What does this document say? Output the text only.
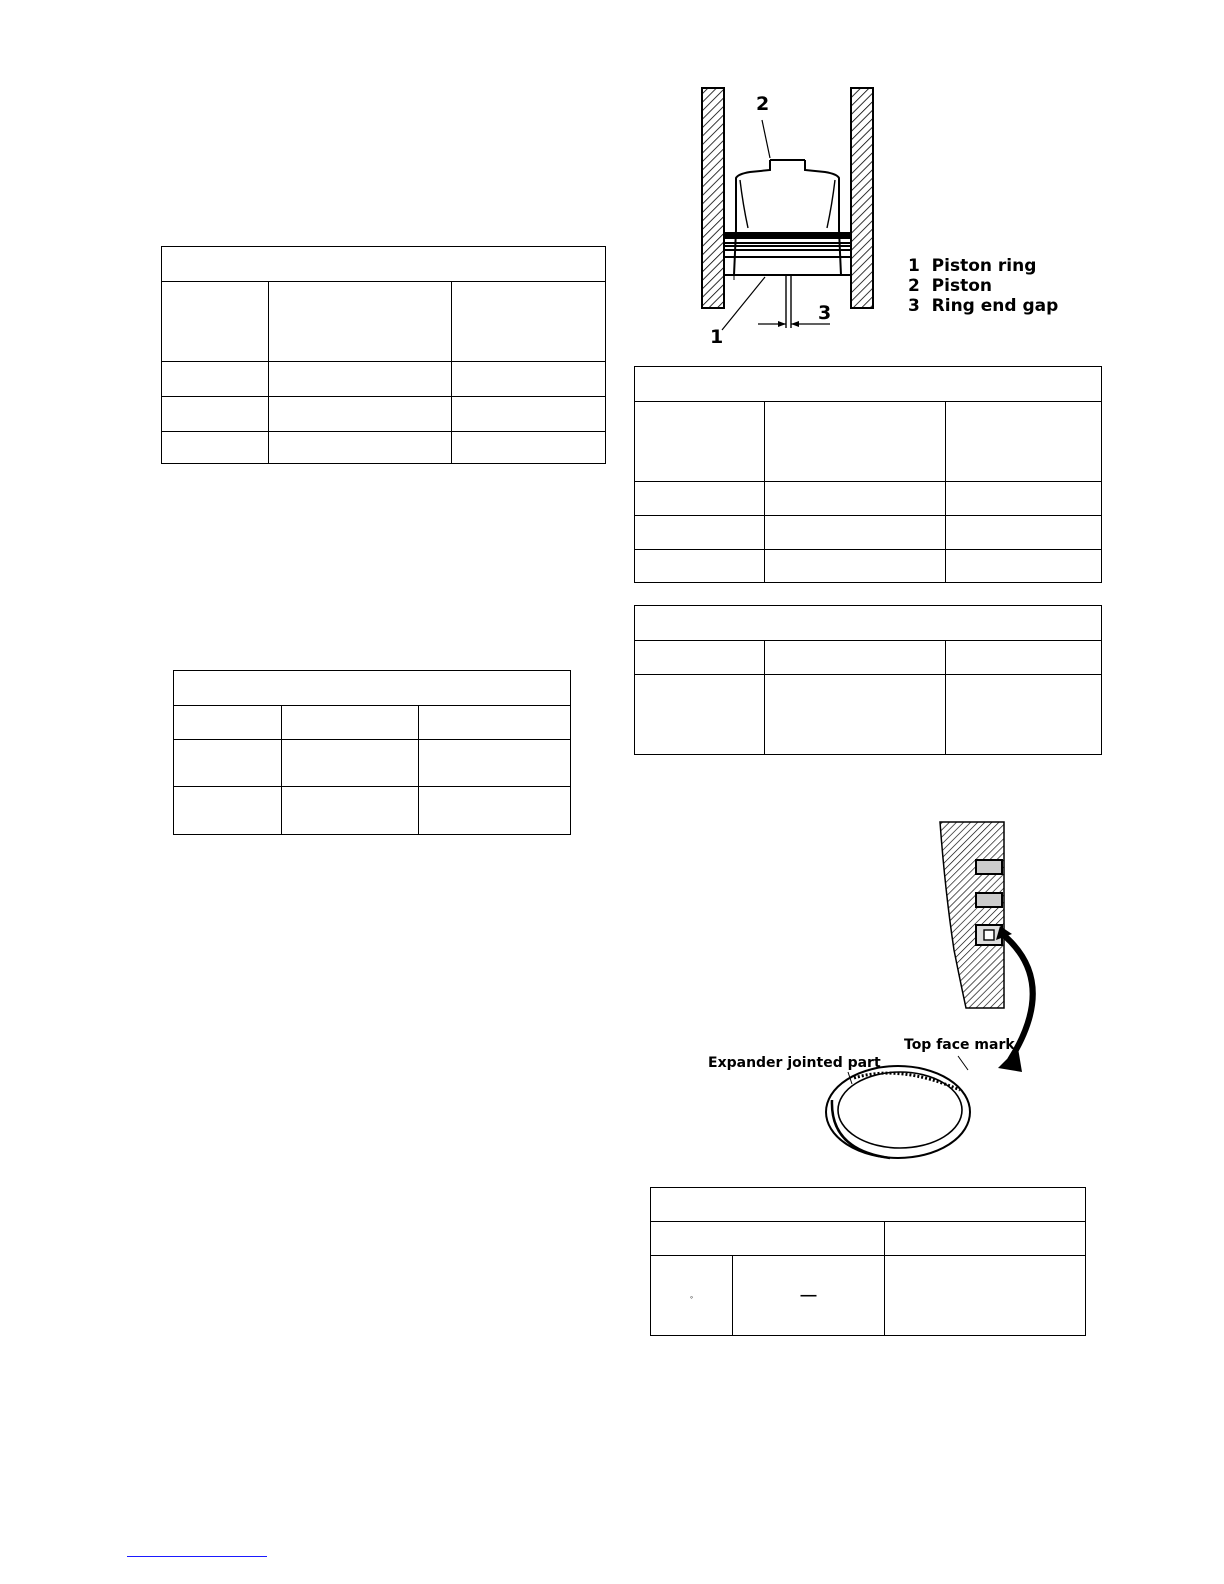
1
2
3
1  Piston ring
2  Piston
3  Ring end gap

Top face mark
Expander jointed part

◦	—	
